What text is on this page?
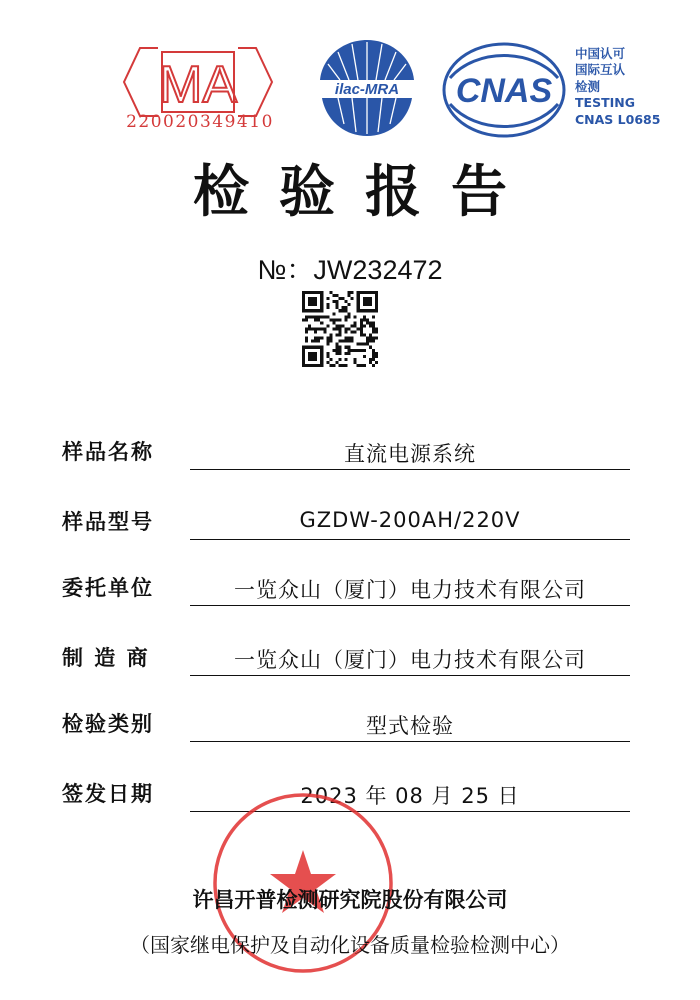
MA
220020349410
ilac-MRA CNAS
中国认可
国际互认
检测
TESTING
CNAS L0685
检验报告
№：JW232472
样品名称	直流电源系统
样品型号	GZDW-200AH/220V
委托单位	一览众山（厦门）电力技术有限公司
制 造 商	一览众山（厦门）电力技术有限公司
检验类别	型式检验
签发日期	2023 年 08 月 25 日
许昌开普检测研究院股份有限公司
（国家继电保护及自动化设备质量检验检测中心）
